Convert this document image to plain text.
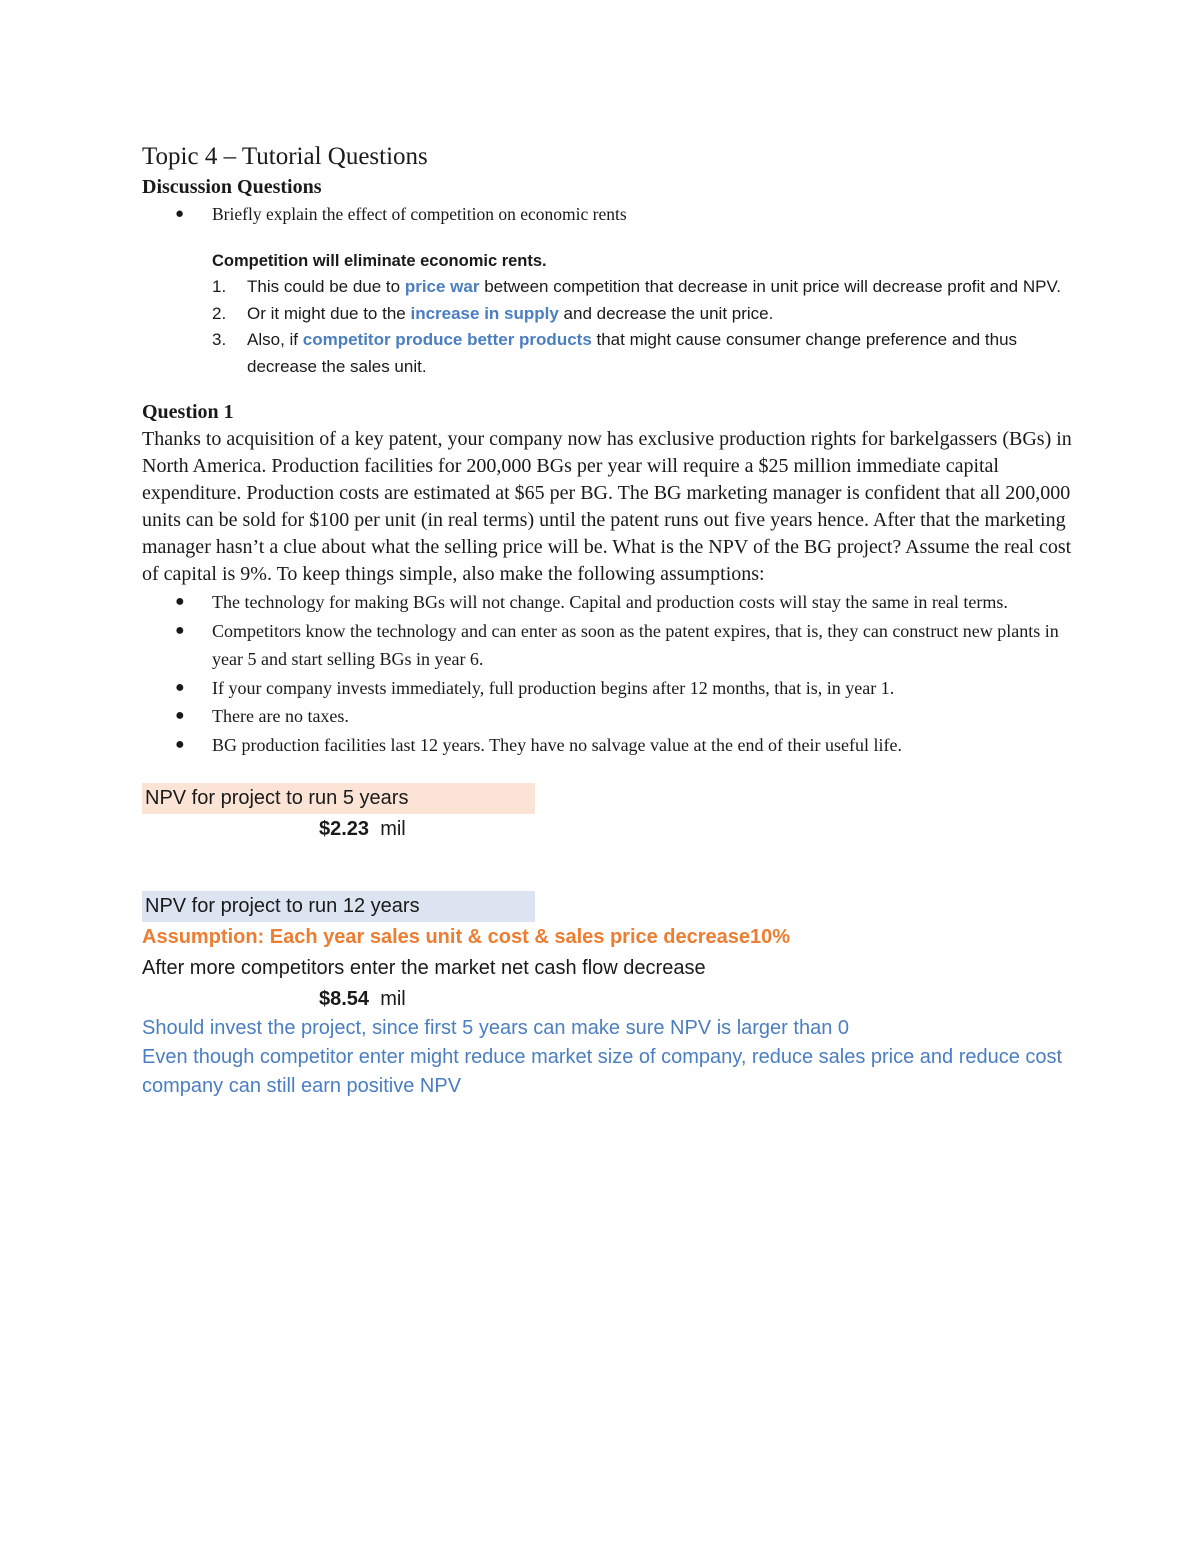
Topic 4 – Tutorial Questions
Discussion Questions
● Briefly explain the effect of competition on economic rents
Competition will eliminate economic rents.
1. This could be due to price war between competition that decrease in unit price will decrease profit and NPV.
2. Or it might due to the increase in supply and decrease the unit price.
3. Also, if competitor produce better products that might cause consumer change preference and thus decrease the sales unit.
Question 1

Thanks to acquisition of a key patent, your company now has exclusive production rights for barkelgassers (BGs) in North America. Production facilities for 200,000 BGs per year will require a $25 million immediate capital expenditure. Production costs are estimated at $65 per BG. The BG marketing manager is confident that all 200,000 units can be sold for $100 per unit (in real terms) until the patent runs out five years hence. After that the marketing manager hasn’t a clue about what the selling price will be. What is the NPV of the BG project? Assume the real cost of capital is 9%. To keep things simple, also make the following assumptions:

● The technology for making BGs will not change. Capital and production costs will stay the same in real terms.
● Competitors know the technology and can enter as soon as the patent expires, that is, they can construct new plants in year 5 and start selling BGs in year 6.
● If your company invests immediately, full production begins after 12 months, that is, in year 1.
● There are no taxes.
● BG production facilities last 12 years. They have no salvage value at the end of their useful life.
NPV for project to run 5 years
$2.23 mil
NPV for project to run 12 years
Assumption: Each year sales unit & cost & sales price decrease10%
After more competitors enter the market net cash flow decrease
$8.54 mil

Should invest the project, since first 5 years can make sure NPV is larger than 0

Even though competitor enter might reduce market size of company, reduce sales price and reduce cost company can still earn positive NPV
